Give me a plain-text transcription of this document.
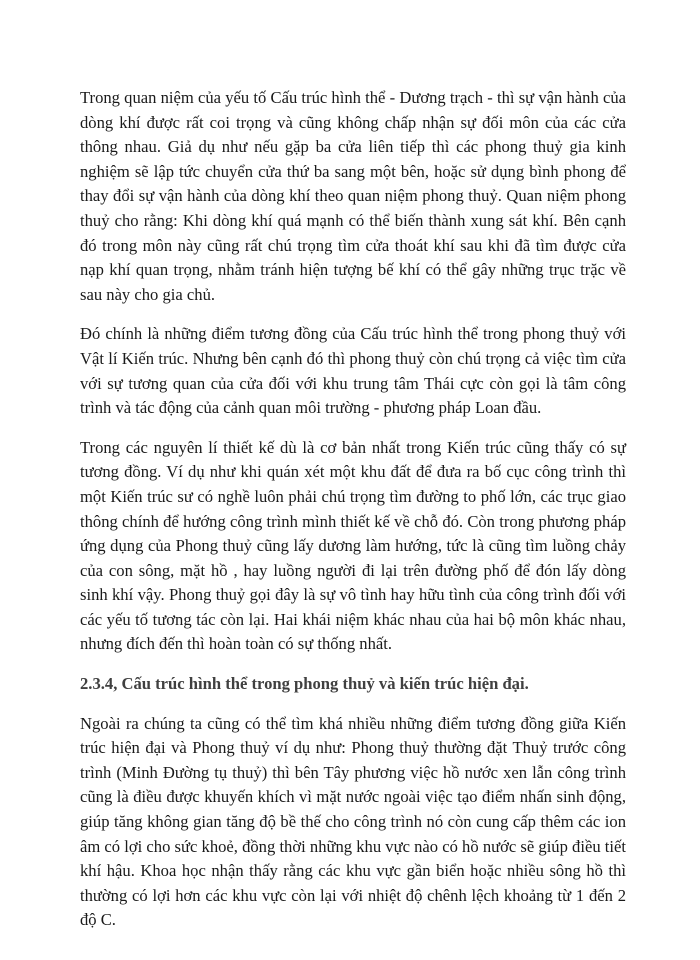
Trong quan niệm của yếu tố Cấu trúc hình thể - Dương trạch - thì sự vận hành của dòng khí được rất coi trọng và cũng không chấp nhận sự đối môn của các cửa thông nhau. Giả dụ như nếu gặp ba cửa liên tiếp thì các phong thuỷ gia kinh nghiệm sẽ lập tức chuyển cửa thứ ba sang một bên, hoặc sử dụng bình phong để thay đổi sự vận hành của dòng khí theo quan niệm phong thuỷ. Quan niệm phong thuỷ cho rằng: Khi dòng khí quá mạnh có thể biến thành xung sát khí. Bên cạnh đó trong môn này cũng rất chú trọng tìm cửa thoát khí sau khi đã tìm được cửa nạp khí quan trọng, nhằm tránh hiện tượng bế khí có thể gây những trục trặc về sau này cho gia chủ.

Đó chính là những điểm tương đồng của Cấu trúc hình thể trong phong thuỷ với Vật lí Kiến trúc. Nhưng bên cạnh đó thì phong thuỷ còn chú trọng cả việc tìm cửa với sự tương quan của cửa đối với khu trung tâm Thái cực còn gọi là tâm công trình và tác động của cảnh quan môi trường - phương pháp Loan đầu.

Trong các nguyên lí thiết kế dù là cơ bản nhất trong Kiến trúc cũng thấy có sự tương đồng. Ví dụ như khi quán xét một khu đất để đưa ra bố cục công trình thì một Kiến trúc sư có nghề luôn phải chú trọng tìm đường to phố lớn, các trục giao thông chính để hướng công trình mình thiết kế về chỗ đó. Còn trong phương pháp ứng dụng của Phong thuỷ cũng lấy dương làm hướng, tức là cũng tìm luồng chảy của con sông, mặt hồ , hay luồng người đi lại trên đường phố để đón lấy dòng sinh khí vậy. Phong thuỷ gọi đây là sự vô tình hay hữu tình của công trình đối với các yếu tố tương tác còn lại. Hai khái niệm khác nhau của hai bộ môn khác nhau, nhưng đích đến thì hoàn toàn có sự thống nhất.

2.3.4, Cấu trúc hình thể trong phong thuỷ và kiến trúc hiện đại.

Ngoài ra chúng ta cũng có thể tìm khá nhiều những điểm tương đồng giữa Kiến trúc hiện đại và Phong thuỷ ví dụ như: Phong thuỷ thường đặt Thuỷ trước công trình (Minh Đường tụ thuỷ) thì bên Tây phương việc hồ nước xen lẫn công trình cũng là điều được khuyến khích vì mặt nước ngoài việc tạo điểm nhấn sinh động, giúp tăng không gian tăng độ bề thế cho công trình nó còn cung cấp thêm các ion âm có lợi cho sức khoẻ, đồng thời những khu vực nào có hồ nước sẽ giúp điều tiết khí hậu. Khoa học nhận thấy rằng các khu vực gần biển hoặc nhiều sông hồ thì thường có lợi hơn các khu vực còn lại với nhiệt độ chênh lệch khoảng từ 1 đến 2 độ C.
